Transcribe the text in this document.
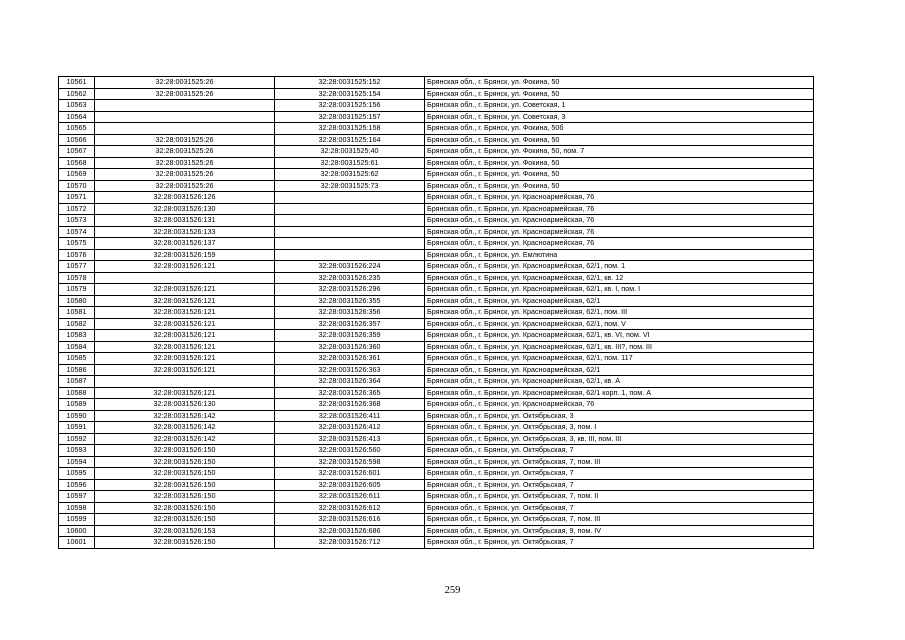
10561	32:28:0031525:26	32:28:0031525:152	Брянская обл., г. Брянск, ул. Фокина, 50
10562	32:28:0031525:26	32:28:0031525:154	Брянская обл., г. Брянск, ул. Фокина, 50
10563		32:28:0031525:156	Брянская обл., г. Брянск, ул. Советская, 1
10564		32:28:0031525:157	Брянская обл., г. Брянск, ул. Советская, 3
10565		32:28:0031525:158	Брянская обл., г. Брянск, ул. Фокина, 50б
10566	32:28:0031525:26	32:28:0031525:164	Брянская обл., г. Брянск, ул. Фокина, 50
10567	32:28:0031525:26	32:28:0031525:40	Брянская обл., г. Брянск, ул. Фокина, 50, пом. 7
10568	32:28:0031525:26	32:28:0031525:61	Брянская обл., г. Брянск, ул. Фокина, 50
10569	32:28:0031525:26	32:28:0031525:62	Брянская обл., г. Брянск, ул. Фокина, 50
10570	32:28:0031525:26	32:28:0031525:73	Брянская обл., г. Брянск, ул. Фокина, 50
10571	32:28:0031526:126		Брянская обл., г. Брянск, ул. Красноармейская, 76
10572	32:28:0031526:130		Брянская обл., г. Брянск, ул. Красноармейская, 76
10573	32:28:0031526:131		Брянская обл., г. Брянск, ул. Красноармейская, 76
10574	32:28:0031526:133		Брянская обл., г. Брянск, ул. Красноармейская, 76
10575	32:28:0031526:137		Брянская обл., г. Брянск, ул. Красноармейская, 76
10576	32:28:0031526:159		Брянская обл., г. Брянск, ул. Емлютина
10577	32:28:0031526:121	32:28:0031526:224	Брянская обл., г. Брянск, ул. Красноармейская, 62/1, пом. 1
10578		32:28:0031526:235	Брянская обл., г. Брянск, ул. Красноармейская, 62/1, кв. 12
10579	32:28:0031526:121	32:28:0031526:296	Брянская обл., г. Брянск, ул. Красноармейская, 62/1, кв. I, пом. I
10580	32:28:0031526:121	32:28:0031526:355	Брянская обл., г. Брянск, ул. Красноармейская, 62/1
10581	32:28:0031526:121	32:28:0031526:356	Брянская обл., г. Брянск, ул. Красноармейская, 62/1, пом. III
10582	32:28:0031526:121	32:28:0031526:357	Брянская обл., г. Брянск, ул. Красноармейская, 62/1, пом. V
10583	32:28:0031526:121	32:28:0031526:359	Брянская обл., г. Брянск, ул. Красноармейская, 62/1, кв. VI, пом. VI
10584	32:28:0031526:121	32:28:0031526:360	Брянская обл., г. Брянск, ул. Красноармейская, 62/1, кв. III?, пом. III
10585	32:28:0031526:121	32:28:0031526:361	Брянская обл., г. Брянск, ул. Красноармейская, 62/1, пом. 117
10586	32:28:0031526:121	32:28:0031526:363	Брянская обл., г. Брянск, ул. Красноармейская, 62/1
10587		32:28:0031526:364	Брянская обл., г. Брянск, ул. Красноармейская, 62/1, кв. А
10588	32:28:0031526:121	32:28:0031526:365	Брянская обл., г. Брянск, ул. Красноармейская, 62/1 корп. 1, пом. А
10589	32:28:0031526:130	32:28:0031526:368	Брянская обл., г. Брянск, ул. Красноармейская, 76
10590	32:28:0031526:142	32:28:0031526:411	Брянская обл., г. Брянск, ул. Октябрьская, 3
10591	32:28:0031526:142	32:28:0031526:412	Брянская обл., г. Брянск, ул. Октябрьская, 3, пом. I
10592	32:28:0031526:142	32:28:0031526:413	Брянская обл., г. Брянск, ул. Октябрьская, 3, кв. III, пом. III
10593	32:28:0031526:150	32:28:0031526:560	Брянская обл., г. Брянск, ул. Октябрьская, 7
10594	32:28:0031526:150	32:28:0031526:598	Брянская обл., г. Брянск, ул. Октябрьская, 7, пом. III
10595	32:28:0031526:150	32:28:0031526:601	Брянская обл., г. Брянск, ул. Октябрьская, 7
10596	32:28:0031526:150	32:28:0031526:605	Брянская обл., г. Брянск, ул. Октябрьская, 7
10597	32:28:0031526:150	32:28:0031526:611	Брянская обл., г. Брянск, ул. Октябрьская, 7, пом. II
10598	32:28:0031526:150	32:28:0031526:612	Брянская обл., г. Брянск, ул. Октябрьская, 7
10599	32:28:0031526:150	32:28:0031526:616	Брянская обл., г. Брянск, ул. Октябрьская, 7, пом. III
10600	32:28:0031526:153	32:28:0031526:686	Брянская обл., г. Брянск, ул. Октябрьская, 9, пом. IV
10601	32:28:0031526:150	32:28:0031526:712	Брянская обл., г. Брянск, ул. Октябрьская, 7
259
